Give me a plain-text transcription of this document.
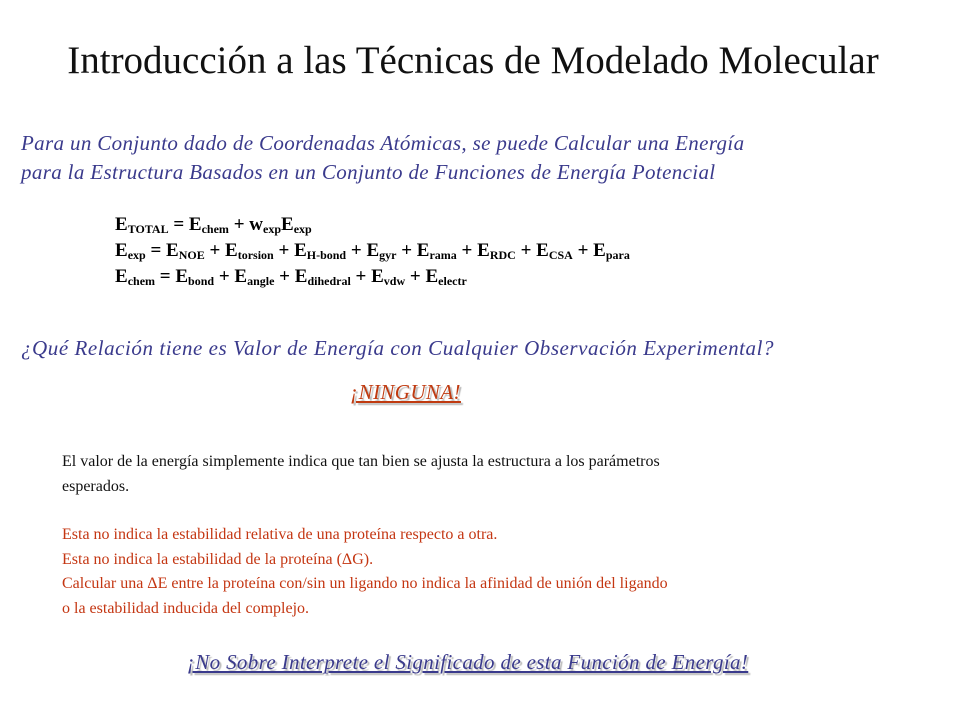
Introducción a las Técnicas de Modelado Molecular
Para un Conjunto dado de Coordenadas Atómicas, se puede Calcular una Energía
para la Estructura Basados en un Conjunto de Funciones de Energía Potencial
$E_{TOTAL} = E_{chem} + w_{exp}E_{exp}$
$E_{exp} = E_{NOE} + E_{torsion} + E_{H-bond} + E_{gyr} + E_{rama} + E_{RDC} + E_{CSA} + E_{para}$
$E_{chem} = E_{bond} + E_{angle} + E_{dihedral} + E_{vdw} + E_{electr}$
¿Qué Relación tiene es Valor de Energía con Cualquier Observación Experimental?
¡NINGUNA!
El valor de la energía simplemente indica que tan bien se ajusta la estructura a los parámetros
esperados.
Esta no indica la estabilidad relativa de una proteína respecto a otra.
Esta no indica la estabilidad de la proteína (ΔG).
Calcular una ΔE entre la proteína con/sin un ligando no indica la afinidad de unión del ligando
o la estabilidad inducida del complejo.
¡No Sobre Interprete el Significado de esta Función de Energía!
